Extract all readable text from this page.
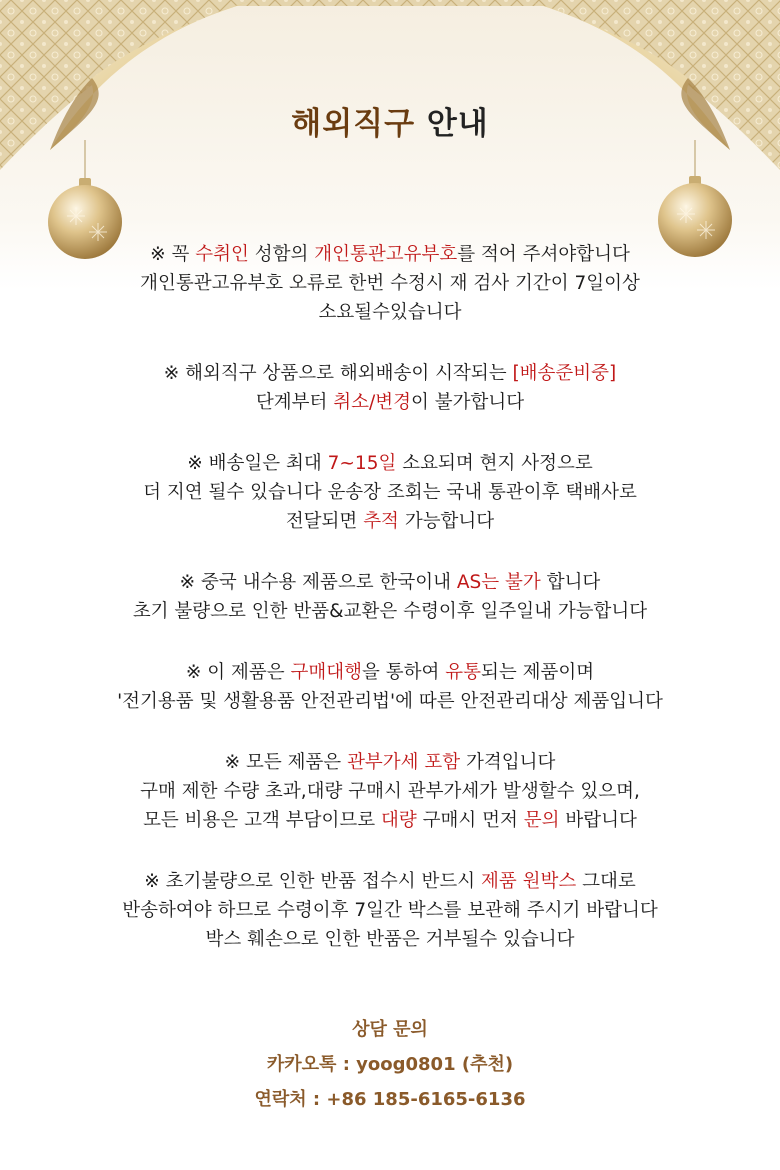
해외직구 안내
※ 꼭 수취인 성함의 개인통관고유부호를 적어 주셔야합니다
개인통관고유부호 오류로 한번 수정시 재 검사 기간이 7일이상
소요될수있습니다
※ 해외직구 상품으로 해외배송이 시작되는 [배송준비중]
단계부터 취소/변경이 불가합니다
※ 배송일은 최대 7~15일 소요되며 현지 사정으로
더 지연 될수 있습니다 운송장 조회는 국내 통관이후 택배사로
전달되면 추적 가능합니다
※ 중국 내수용 제품으로 한국이내 AS는 불가 합니다
초기 불량으로 인한 반품&교환은 수령이후 일주일내 가능합니다
※ 이 제품은 구매대행을 통하여 유통되는 제품이며
'전기용품 및 생활용품 안전관리법'에 따른 안전관리대상 제품입니다
※ 모든 제품은 관부가세 포함 가격입니다
구매 제한 수량 초과,대량 구매시 관부가세가 발생할수 있으며,
모든 비용은 고객 부담이므로 대량 구매시 먼저 문의 바랍니다
※ 초기불량으로 인한 반품 접수시 반드시 제품 원박스 그대로
반송하여야 하므로 수령이후 7일간 박스를 보관해 주시기 바랍니다
박스 훼손으로 인한 반품은 거부될수 있습니다
상담 문의
카카오톡 : yoog0801 (추천)
연락처 : +86 185-6165-6136
